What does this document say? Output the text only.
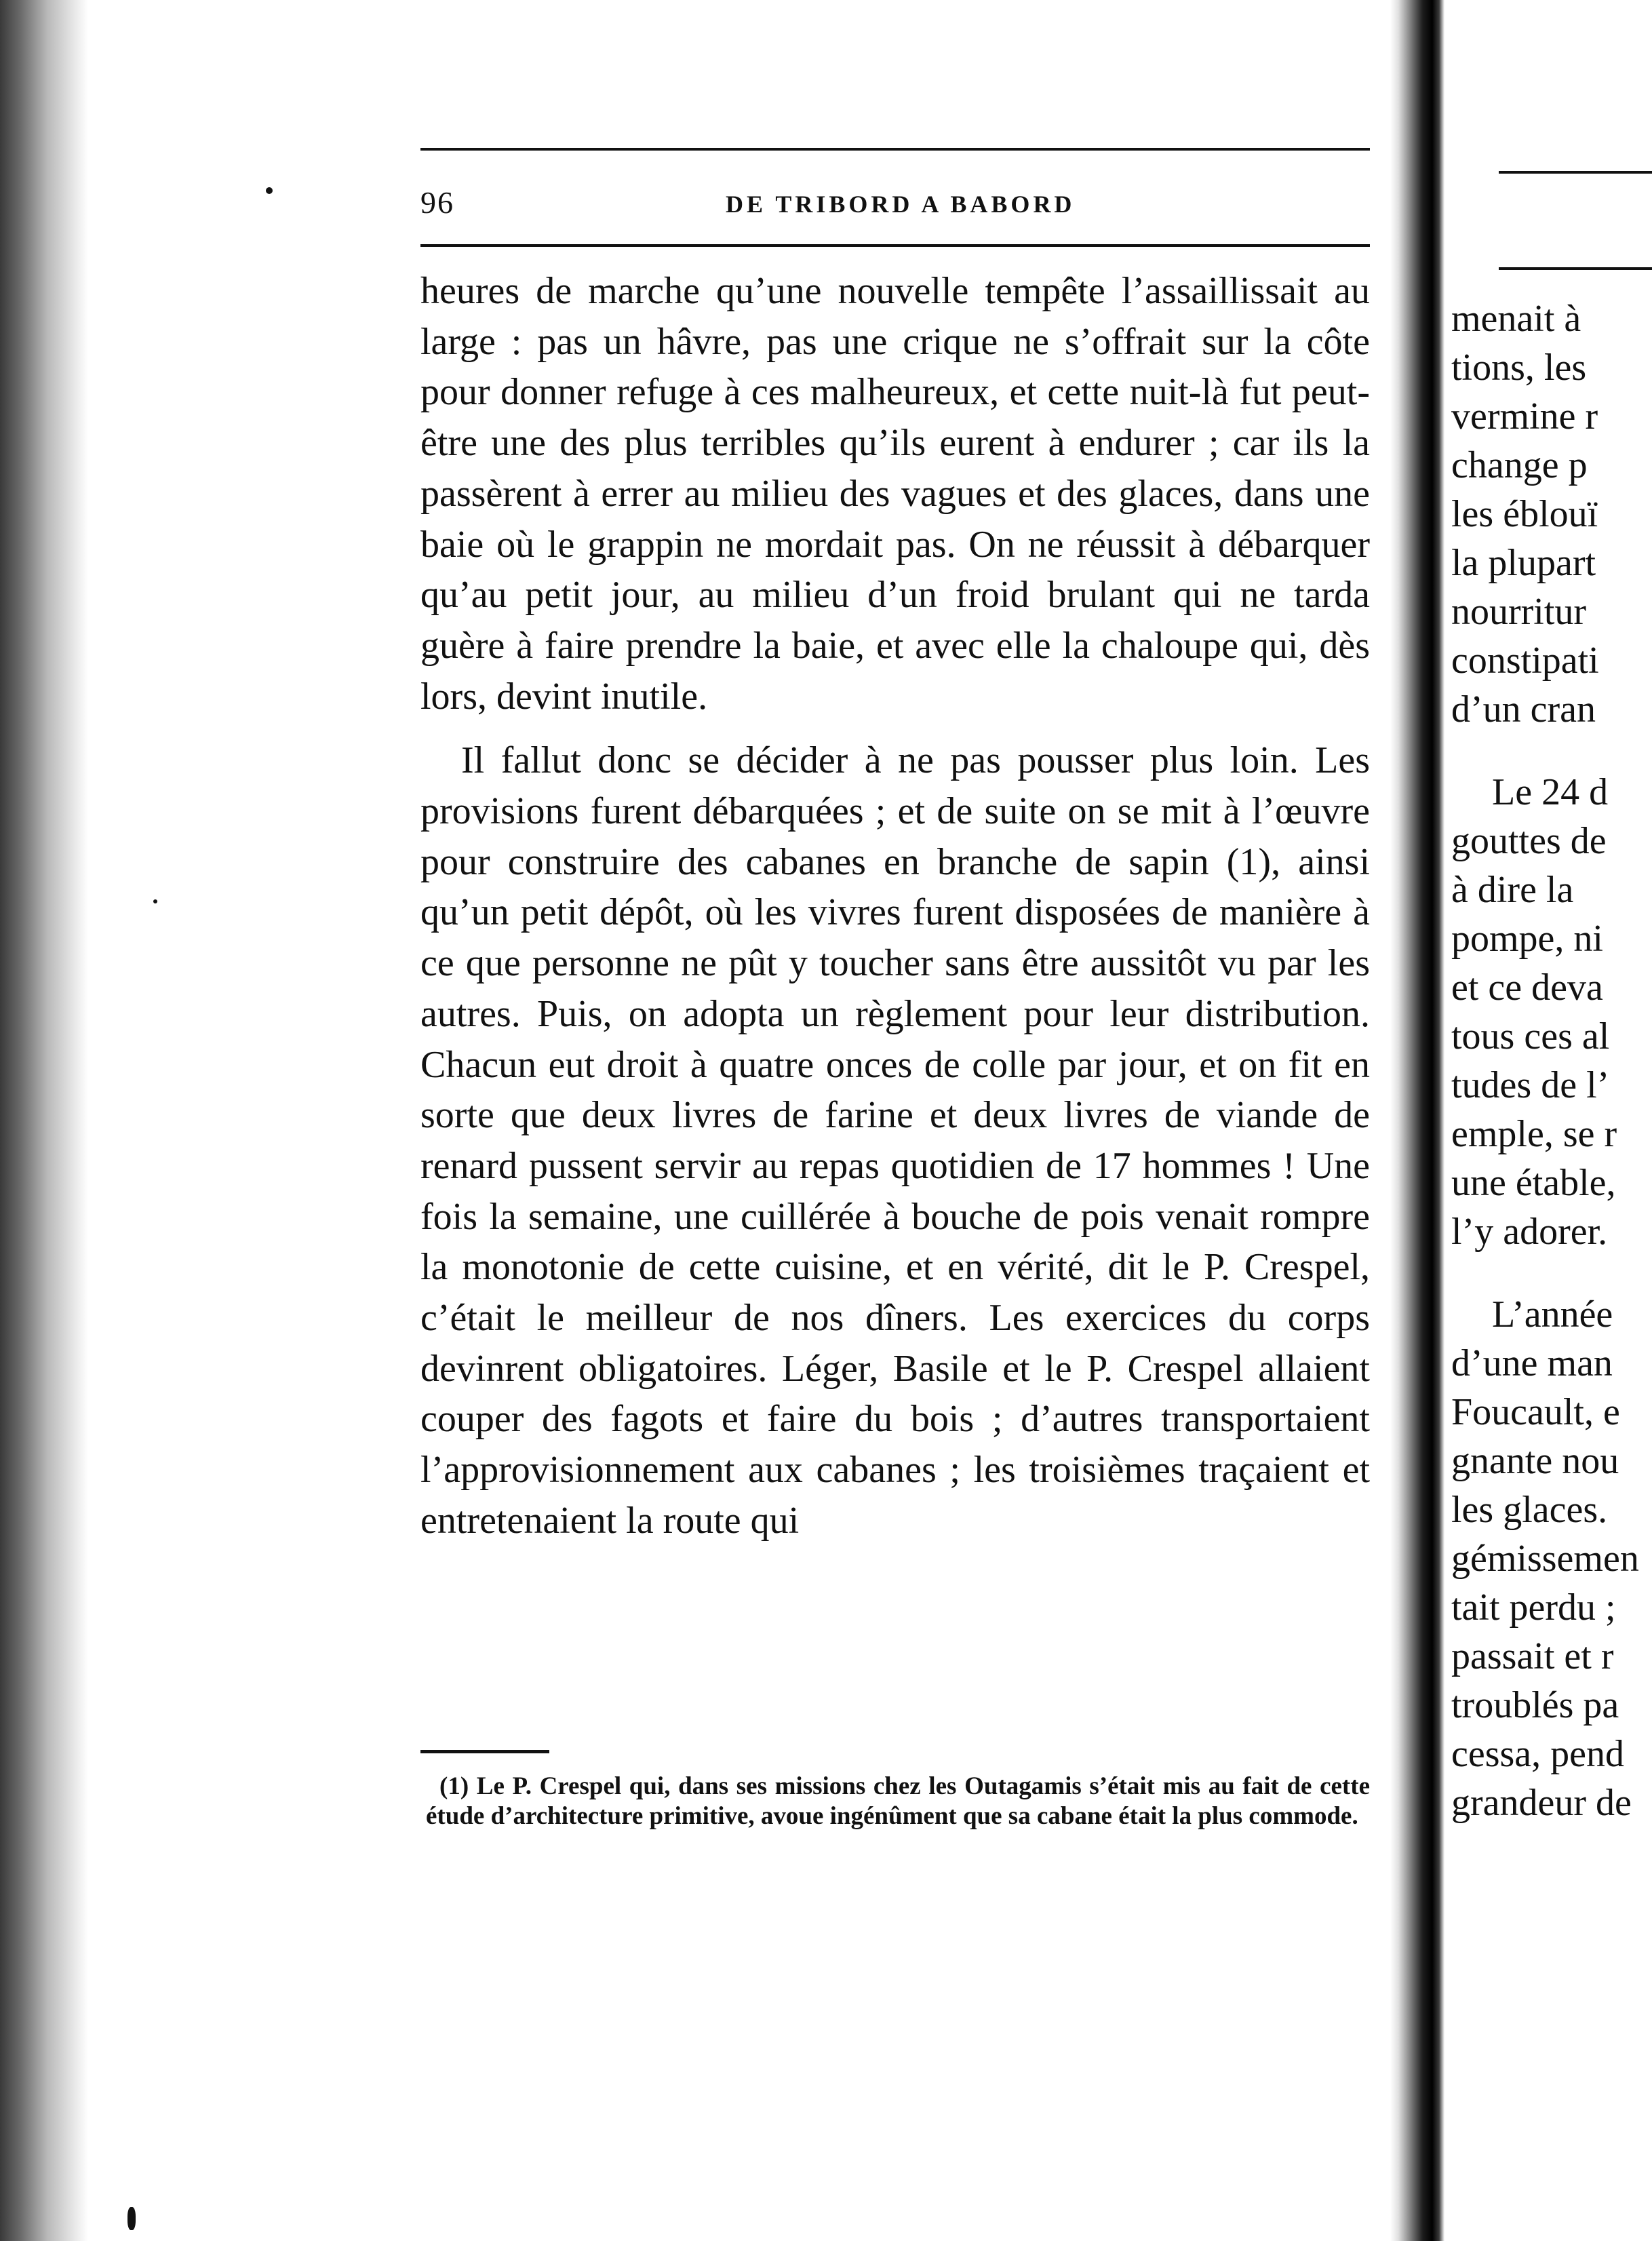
96	DE TRIBORD A BABORD

heures de marche qu’une nouvelle tempête l’assaillissait au large : pas un hâvre, pas une crique ne s’offrait sur la côte pour donner refuge à ces malheureux, et cette nuit-là fut peut-être une des plus terribles qu’ils eurent à endurer ; car ils la passèrent à errer au milieu des vagues et des glaces, dans une baie où le grappin ne mordait pas. On ne réussit à débarquer qu’au petit jour, au milieu d’un froid brulant qui ne tarda guère à faire prendre la baie, et avec elle la chaloupe qui, dès lors, devint inutile.

Il fallut donc se décider à ne pas pousser plus loin. Les provisions furent débarquées ; et de suite on se mit à l’œuvre pour construire des cabanes en branche de sapin (1), ainsi qu’un petit dépôt, où les vivres furent disposées de manière à ce que personne ne pût y toucher sans être aussitôt vu par les autres. Puis, on adopta un règlement pour leur distribution. Chacun eut droit à quatre onces de colle par jour, et on fit en sorte que deux livres de farine et deux livres de viande de renard pussent servir au repas quotidien de 17 hommes ! Une fois la semaine, une cuillérée à bouche de pois venait rompre la monotonie de cette cuisine, et en vérité, dit le P. Crespel, c’était le meilleur de nos dîners. Les exercices du corps devinrent obligatoires. Léger, Basile et le P. Crespel allaient couper des fagots et faire du bois ; d’autres transportaient l’approvisionnement aux cabanes ; les troisièmes traçaient et entretenaient la route qui

(1) Le P. Crespel qui, dans ses missions chez les Outagamis s’était mis au fait de cette étude d’architecture primitive, avoue ingénûment que sa cabane était la plus commode.
menait à
tions, les
vermine r
change p
les éblouï
la plupart
nourritur
constipati
d’un cran
Le 24 d
gouttes de
à dire la
pompe, ni
et ce deva
tous ces al
tudes de l’
emple, se r
une étable,
l’y adorer.
L’année
d’une man
Foucault, e
gnante nou
les glaces.
gémissemen
tait perdu ;
passait et r
troublés pa
cessa, pend
grandeur de
